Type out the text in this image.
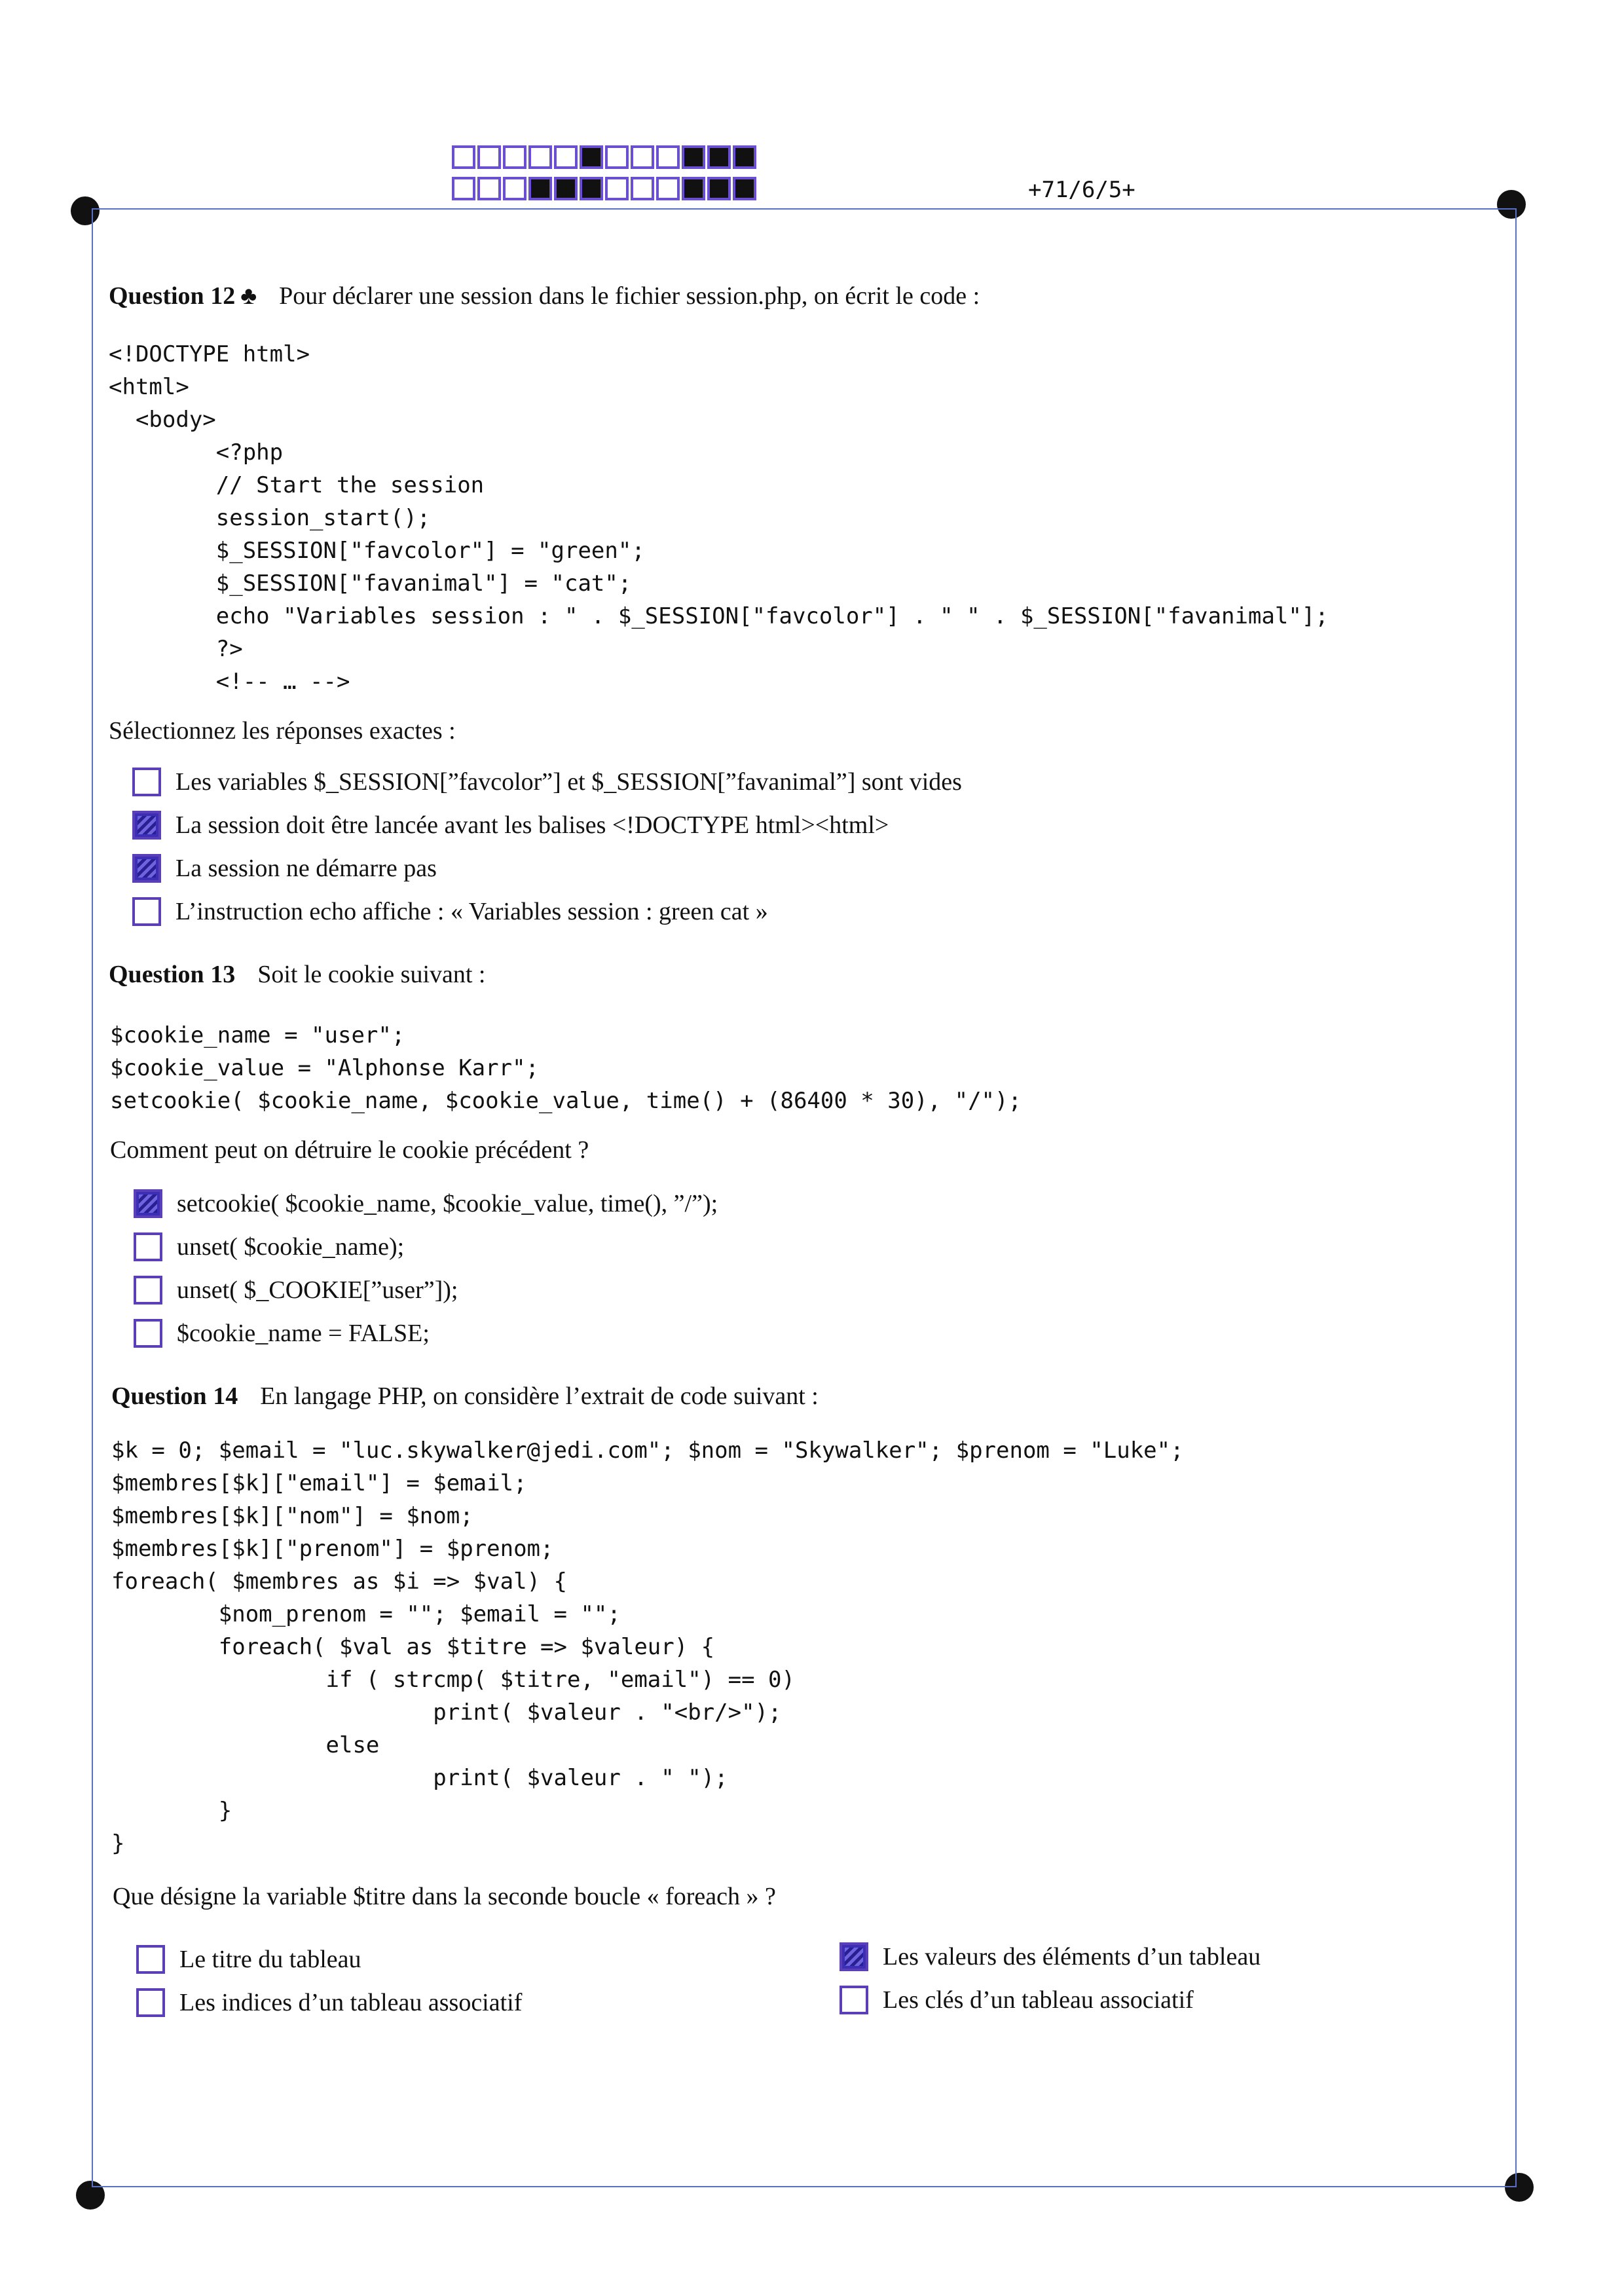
+71/6/5+
Question 12 ♣ Pour déclarer une session dans le fichier session.php, on écrit le code :
<!DOCTYPE html>
<html>
<body>
<?php
// Start the session
session_start();
$_SESSION["favcolor"] = "green";
$_SESSION["favanimal"] = "cat";
echo "Variables session : " . $_SESSION["favcolor"] . " " . $_SESSION["favanimal"];
?>
<!-- … -->
Sélectionnez les réponses exactes :
Les variables $_SESSION[”favcolor”] et $_SESSION[”favanimal”] sont vides
La session doit être lancée avant les balises <!DOCTYPE html><html>
La session ne démarre pas
L’instruction echo affiche : « Variables session : green cat »
Question 13 Soit le cookie suivant :
$cookie_name = "user";
$cookie_value = "Alphonse Karr";
setcookie( $cookie_name, $cookie_value, time() + (86400 * 30), "/");
Comment peut on détruire le cookie précédent ?
setcookie( $cookie_name, $cookie_value, time(), ”/”);
unset( $cookie_name);
unset( $_COOKIE[”user”]);
$cookie_name = FALSE;
Question 14 En langage PHP, on considère l’extrait de code suivant :
$k = 0; $email = "luc.skywalker@jedi.com"; $nom = "Skywalker"; $prenom = "Luke";
$membres[$k]["email"] = $email;
$membres[$k]["nom"] = $nom;
$membres[$k]["prenom"] = $prenom;
foreach( $membres as $i => $val) {
$nom_prenom = ""; $email = "";
foreach( $val as $titre => $valeur) {
if ( strcmp( $titre, "email") == 0)
print( $valeur . "<br/>");
else
print( $valeur . " ");
}
}
Que désigne la variable $titre dans la seconde boucle « foreach » ?
Le titre du tableau
Les indices d’un tableau associatif
Les valeurs des éléments d’un tableau
Les clés d’un tableau associatif
